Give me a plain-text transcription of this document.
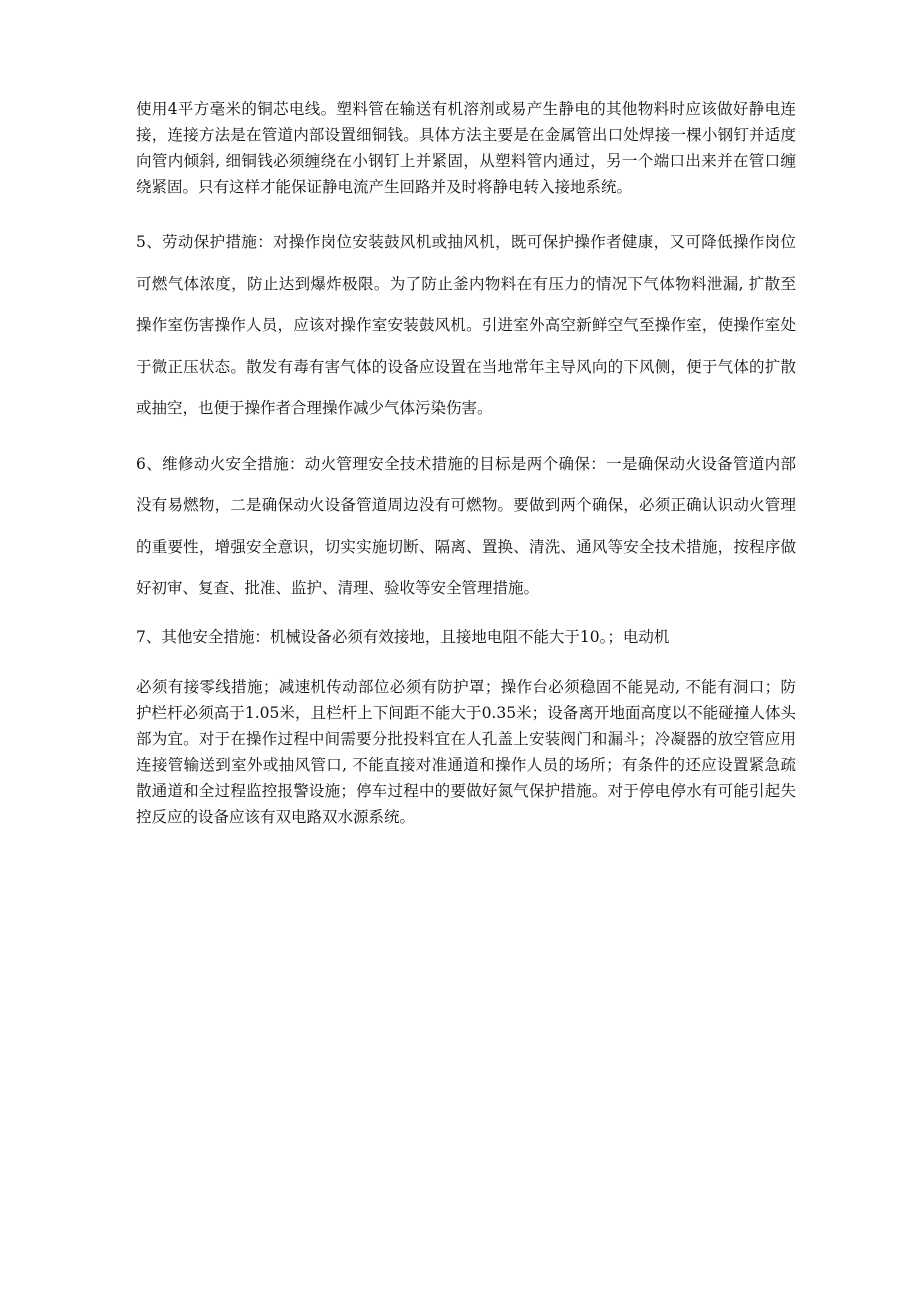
使用4平方毫米的铜芯电线。塑料管在输送有机溶剂或易产生静电的其他物料时应该做好静电连接，连接方法是在管道内部设置细铜钱。具体方法主要是在金属管出口处焊接一棵小钢钉并适度向管内倾斜, 细铜钱必须缠绕在小钢钉上并紧固，从塑料管内通过，另一个端口出来并在管口缠绕紧固。只有这样才能保证静电流产生回路并及时将静电转入接地系统。

5、劳动保护措施：对操作岗位安装鼓风机或抽风机，既可保护操作者健康，又可降低操作岗位可燃气体浓度，防止达到爆炸极限。为了防止釜内物料在有压力的情况下气体物料泄漏, 扩散至操作室伤害操作人员，应该对操作室安装鼓风机。引进室外高空新鲜空气至操作室，使操作室处于微正压状态。散发有毒有害气体的设备应设置在当地常年主导风向的下风侧，便于气体的扩散或抽空，也便于操作者合理操作减少气体污染伤害。

6、维修动火安全措施：动火管理安全技术措施的目标是两个确保：一是确保动火设备管道内部没有易燃物，二是确保动火设备管道周边没有可燃物。要做到两个确保，必须正确认识动火管理的重要性，增强安全意识，切实实施切断、隔离、置换、清洗、通风等安全技术措施，按程序做好初审、复查、批准、监护、清理、验收等安全管理措施。

7、其他安全措施：机械设备必须有效接地，且接地电阻不能大于10。；电动机

必须有接零线措施；减速机传动部位必须有防护罩；操作台必须稳固不能晃动, 不能有洞口；防护栏杆必须高于1.05米，且栏杆上下间距不能大于0.35米；设备离开地面高度以不能碰撞人体头部为宜。对于在操作过程中间需要分批投料宜在人孔盖上安装阀门和漏斗；冷凝器的放空管应用连接管输送到室外或抽风管口, 不能直接对准通道和操作人员的场所；有条件的还应设置紧急疏散通道和全过程监控报警设施；停车过程中的要做好氮气保护措施。对于停电停水有可能引起失控反应的设备应该有双电路双水源系统。
